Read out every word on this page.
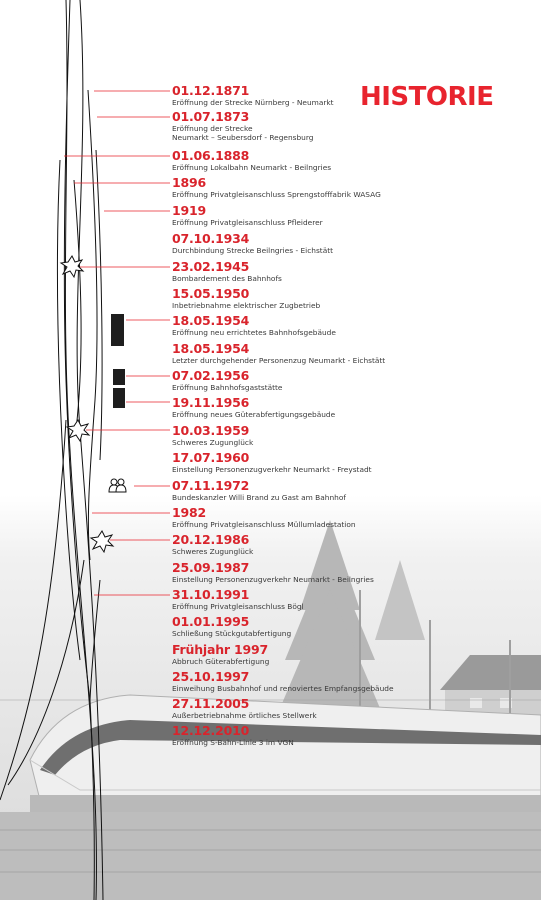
HISTORIE
01.12.1871
Eröffnung der Strecke Nürnberg - Neumarkt
01.07.1873
Eröffnung der Strecke
Neumarkt – Seubersdorf - Regensburg
01.06.1888
Eröffnung Lokalbahn Neumarkt - Beilngries
1896
Eröffnung Privatgleisanschluss Sprengstofffabrik WASAG
1919
Eröffnung Privatgleisanschluss Pfleiderer
07.10.1934
Durchbindung Strecke Beilngries - Eichstätt
23.02.1945
Bombardement des Bahnhofs
15.05.1950
Inbetriebnahme elektrischer Zugbetrieb
18.05.1954
Eröffnung neu errichtetes Bahnhofsgebäude
18.05.1954
Letzter durchgehender Personenzug Neumarkt - Eichstätt
07.02.1956
Eröffnung Bahnhofsgaststätte
19.11.1956
Eröffnung neues Güterabfertigungsgebäude
10.03.1959
Schweres Zugunglück
17.07.1960
Einstellung Personenzugverkehr Neumarkt - Freystadt
07.11.1972
Bundeskanzler Willi Brand zu Gast am Bahnhof
1982
Eröffnung Privatgleisanschluss Müllumladestation
20.12.1986
Schweres Zugunglück
25.09.1987
Einstellung Personenzugverkehr Neumarkt - Beilngries
31.10.1991
Eröffnung Privatgleisanschluss Bögl
01.01.1995
Schließung Stückgutabfertigung
Frühjahr 1997
Abbruch Güterabfertigung
25.10.1997
Einweihung Busbahnhof und renoviertes Empfangsgebäude
27.11.2005
Außerbetriebnahme örtliches Stellwerk
12.12.2010
Eröffnung S-Bahn-Linie 3 im VGN
